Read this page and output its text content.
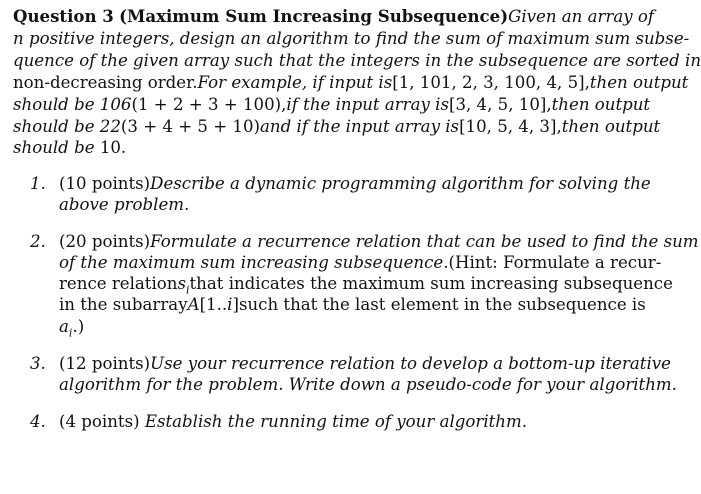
Question 3 (Maximum Sum Increasing Subsequence) Given an array of
n positive integers, design an algorithm to find the sum of maximum sum subse-
quence of the given array such that the integers in the subsequence are sorted in
non-decreasing order. For example, if input is [1, 101, 2, 3, 100, 4, 5], then output
should be 106 (1 + 2 + 3 + 100), if the input array is [3, 4, 5, 10], then output
should be 22 (3 + 4 + 5 + 10) and if the input array is [10, 5, 4, 3], then output
should be 10.
1. (10 points) Describe a dynamic programming algorithm for solving the
above problem.
2. (20 points) Formulate a recurrence relation that can be used to find the sum
of the maximum sum increasing subsequence. (Hint: Formulate a recur-
rence relation $s_i$ that indicates the maximum sum increasing subsequence
in the subarray A[1..i] such that the last element in the subsequence is
$a_i$.)
3. (12 points) Use your recurrence relation to develop a bottom-up iterative
algorithm for the problem. Write down a pseudo-code for your algorithm.
4. (4 points) Establish the running time of your algorithm.
